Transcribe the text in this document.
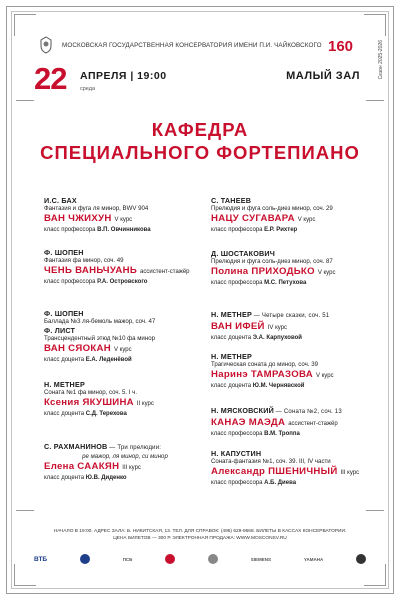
МОСКОВСКАЯ ГОСУДАРСТВЕННАЯ КОНСЕРВАТОРИЯ ИМЕНИ П.И. ЧАЙКОВСКОГО 160	Сезон 2025-2026
22 АПРЕЛЯ | 19:00
среда
МАЛЫЙ ЗАЛ
КАФЕДРА
СПЕЦИАЛЬНОГО ФОРТЕПИАНО
И.С. БАХ
Фантазия и фуга ля минор, BWV 904
ВАН ЧЖИХУН V курс
класс профессора В.П. Овчинникова
Ф. ШОПЕН
Фантазия фа минор, соч. 49
ЧЕНЬ ВАНЬЧУАНЬ ассистент-стажёр
класс профессора Р.А. Островского
Ф. ШОПЕН
Баллада №3 ля-бемоль мажор, соч. 47
Ф. ЛИСТ
Трансцендентный этюд №10 фа минор
ВАН СЯОКАН V курс
класс доцента Е.А. Леденёвой
Н. МЕТНЕР
Соната №1 фа минор, соч. 5. I ч.
Ксения ЯКУШИНА II курс
класс доцента С.Д. Терехова
С. РАХМАНИНОВ — Три прелюдии:
ре мажор, ля минор, си минор
Елена СААКЯН III курс
класс доцента Ю.В. Диденко
С. ТАНЕЕВ
Прелюдия и фуга соль-диез минор, соч. 29
НАЦУ СУГАВАРА V курс
класс профессора Е.Р. Рихтер
Д. ШОСТАКОВИЧ
Прелюдия и фуга соль-диез минор, соч. 87
Полина ПРИХОДЬКО V курс
класс профессора М.С. Петухова
Н. МЕТНЕР — Четыре сказки, соч. 51
ВАН ИФЕЙ IV курс
класс доцента Э.А. Карпуховой
Н. МЕТНЕР
Трагическая соната до минор, соч. 39
Наринэ ТАМРАЗОВА V курс
класс доцента Ю.М. Чернявской
Н. МЯСКОВСКИЙ — Соната №2, соч. 13
КАНАЭ МАЭДА ассистент-стажёр
класс профессора В.М. Троппа
Н. КАПУСТИН
Соната-фантазия №1, соч. 39. III, IV части
Александр ПШЕНИЧНЫЙ III курс
класс профессора А.Б. Диева
НАЧАЛО В 19:00. АДРЕС ЗАЛА: Б. НИКИТСКАЯ, 13. ТЕЛ. ДЛЯ СПРАВОК: (495) 629-9568. БИЛЕТЫ В КАССАХ КОНСЕРВАТОРИИ.
ЦЕНА БИЛЕТОВ — 300 Р. ЭЛЕКТРОННАЯ ПРОДАЖА: WWW.MOSCONSV.RU
ВТБ	ПСБ	SIEMENS	YAMAHA
